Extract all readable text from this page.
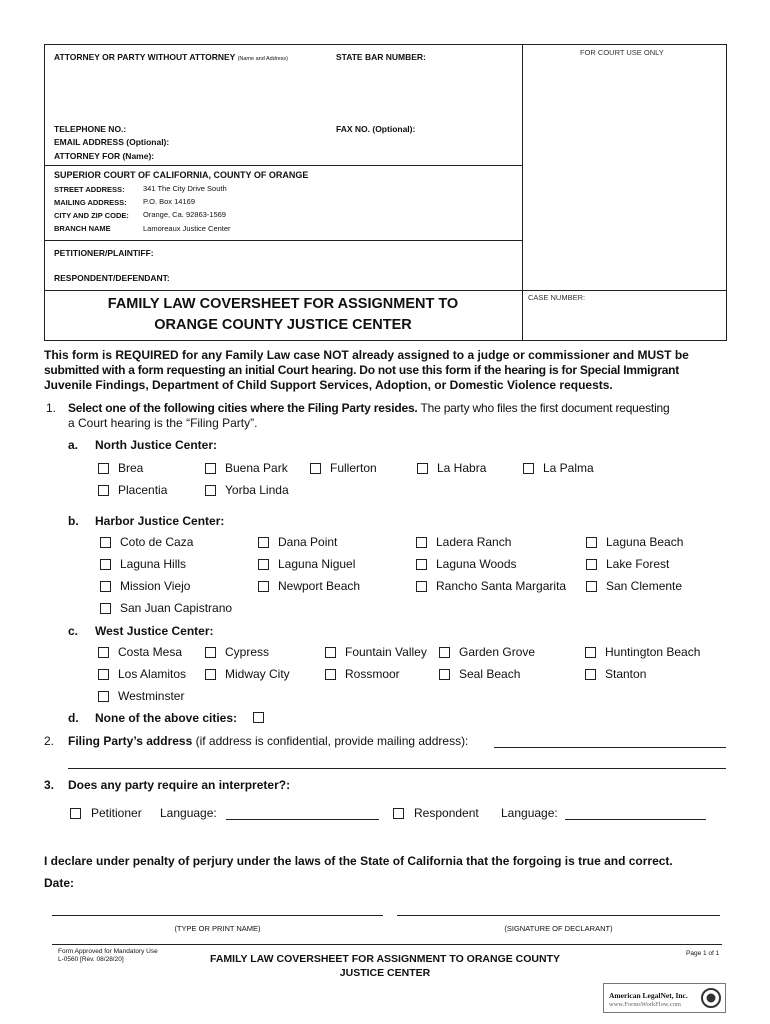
ATTORNEY OR PARTY WITHOUT ATTORNEY (Name and Address)	STATE BAR NUMBER:	FOR COURT USE ONLY
TELEPHONE NO.:	FAX NO. (Optional):
EMAIL ADDRESS (Optional):
ATTORNEY FOR (Name):
SUPERIOR COURT OF CALIFORNIA, COUNTY OF ORANGE
STREET ADDRESS: 341 The City Drive South
MAILING ADDRESS: P.O. Box 14169
CITY AND ZIP CODE: Orange, Ca. 92863-1569
BRANCH NAME	Lamoreaux Justice Center
PETITIONER/PLAINTIFF:
RESPONDENT/DEFENDANT:
FAMILY LAW COVERSHEET FOR ASSIGNMENT TO
ORANGE COUNTY JUSTICE CENTER
CASE NUMBER:
This form is REQUIRED for any Family Law case NOT already assigned to a judge or commissioner and MUST be
submitted with a form requesting an initial Court hearing. Do not use this form if the hearing is for Special Immigrant
Juvenile Findings, Department of Child Support Services, Adoption, or Domestic Violence requests.
1. Select one of the following cities where the Filing Party resides. The party who files the first document requesting
a Court hearing is the “Filing Party”.
a. North Justice Center:
b. Harbor Justice Center:
c. West Justice Center:
d. None of the above cities:
Brea	Buena Park	Fullerton	La Habra	La Palma
Placentia	Yorba Linda
Coto de Caza	Dana Point	Ladera Ranch	Laguna Beach
Laguna Hills	Laguna Niguel	Laguna Woods	Lake Forest
Mission Viejo	Newport Beach	Rancho Santa Margarita	San Clemente
San Juan Capistrano
Costa Mesa	Cypress	Fountain Valley	Garden Grove	Huntington Beach
Los Alamitos	Midway City	Rossmoor	Seal Beach	Stanton
Westminster
2. Filing Party’s address (if address is confidential, provide mailing address):
3. Does any party require an interpreter?:
Petitioner Language:	Respondent Language:
I declare under penalty of perjury under the laws of the State of California that the forgoing is true and correct.
Date:
(TYPE OR PRINT NAME)	(SIGNATURE OF DECLARANT)
Form Approved for Mandatory Use
L-0560 [Rev. 08/28/20]	FAMILY LAW COVERSHEET FOR ASSIGNMENT TO ORANGE COUNTY
JUSTICE CENTER
Page 1 of 1
American LegalNet, Inc.
www.FormsWorkFlow.com
